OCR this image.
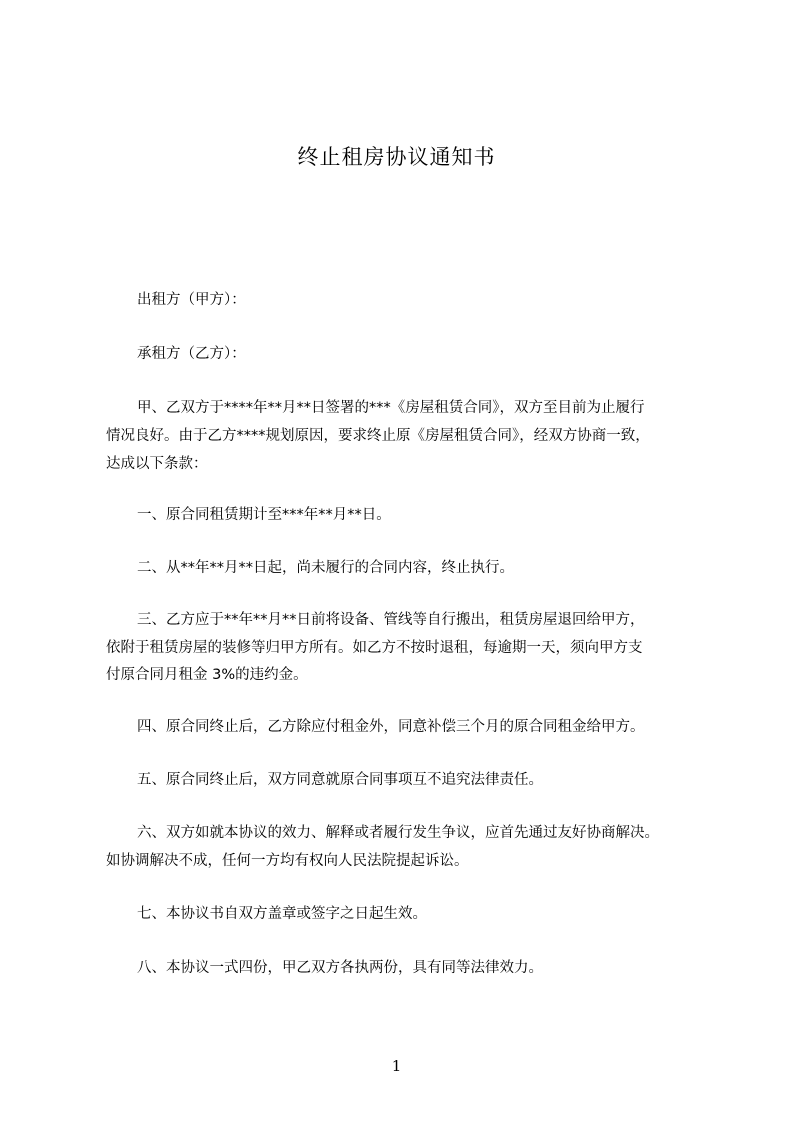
终止租房协议通知书
出租方（甲方）：
承租方（乙方）：
甲、乙双方于****年**月**日签署的***《房屋租赁合同》，双方至目前为止履行
情况良好。由于乙方****规划原因，要求终止原《房屋租赁合同》，经双方协商一致，
达成以下条款：
一、原合同租赁期计至***年**月**日。
二、从**年**月**日起，尚未履行的合同内容，终止执行。
三、乙方应于**年**月**日前将设备、管线等自行搬出，租赁房屋退回给甲方，
依附于租赁房屋的装修等归甲方所有。如乙方不按时退租，每逾期一天，须向甲方支
付原合同月租金 3%的违约金。
四、原合同终止后，乙方除应付租金外，同意补偿三个月的原合同租金给甲方。
五、原合同终止后，双方同意就原合同事项互不追究法律责任。
六、双方如就本协议的效力、解释或者履行发生争议，应首先通过友好协商解决。
如协调解决不成，任何一方均有权向人民法院提起诉讼。
七、本协议书自双方盖章或签字之日起生效。
八、本协议一式四份，甲乙双方各执两份，具有同等法律效力。
1
